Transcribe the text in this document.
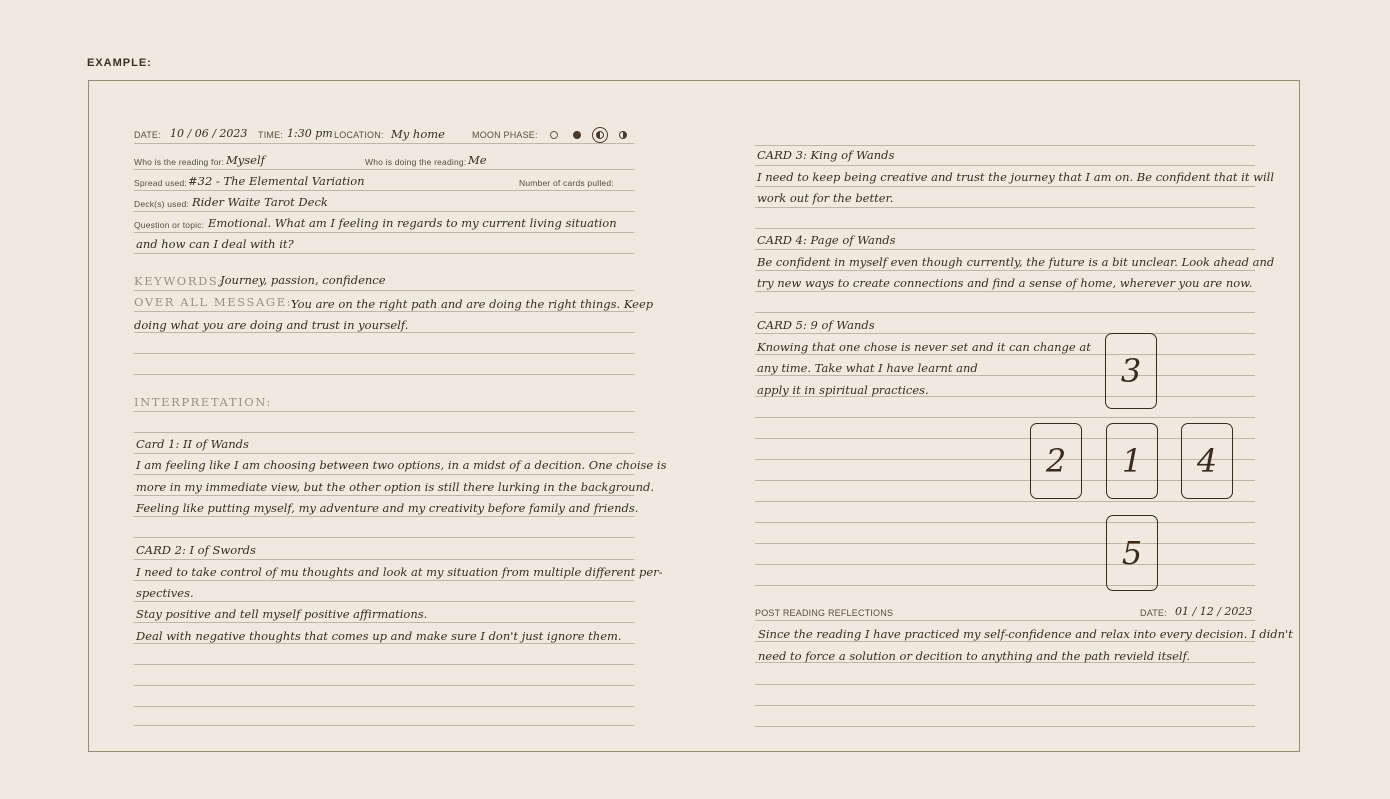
EXAMPLE:
DATE: 10 / 06 / 2023 TIME: 1:30 pm LOCATION: My home	MOON PHASE:
Who is the reading for: Myself	Who is doing the reading: Me
Spread used: #32 - The Elemental Variation	Number of cards pulled:
Deck(s) used: Rider Waite Tarot Deck
Question or topic: Emotional. What am I feeling in regards to my current living situation
and how can I deal with it?
KEYWORDS:
Journey, passion, confidence
OVER ALL MESSAGE:
You are on the right path and are doing the right things. Keep
doing what you are doing and trust in yourself.
INTERPRETATION:
Card 1: II of Wands
I am feeling like I am choosing between two options, in a midst of a decition. One choise is
more in my immediate view, but the other option is still there lurking in the background.
Feeling like putting myself, my adventure and my creativity before family and friends.
CARD 2: I of Swords
I need to take control of mu thoughts and look at my situation from multiple different per-
spectives.
Stay positive and tell myself positive affirmations.
Deal with negative thoughts that comes up and make sure I don't just ignore them.
CARD 3: King of Wands
I need to keep being creative and trust the journey that I am on. Be confident that it will
work out for the better.
CARD 4: Page of Wands
Be confident in myself even though currently, the future is a bit unclear. Look ahead and
try new ways to create connections and find a sense of home, wherever you are now.
CARD 5: 9 of Wands
Knowing that one chose is never set and it can change at
any time. Take what I have learnt and
apply it in spiritual practices.	3
2	1	4
5
POST READING REFLECTIONS	DATE: 01 / 12 / 2023
Since the reading I have practiced my self-confidence and relax into every decision. I didn't
need to force a solution or decition to anything and the path revield itself.
